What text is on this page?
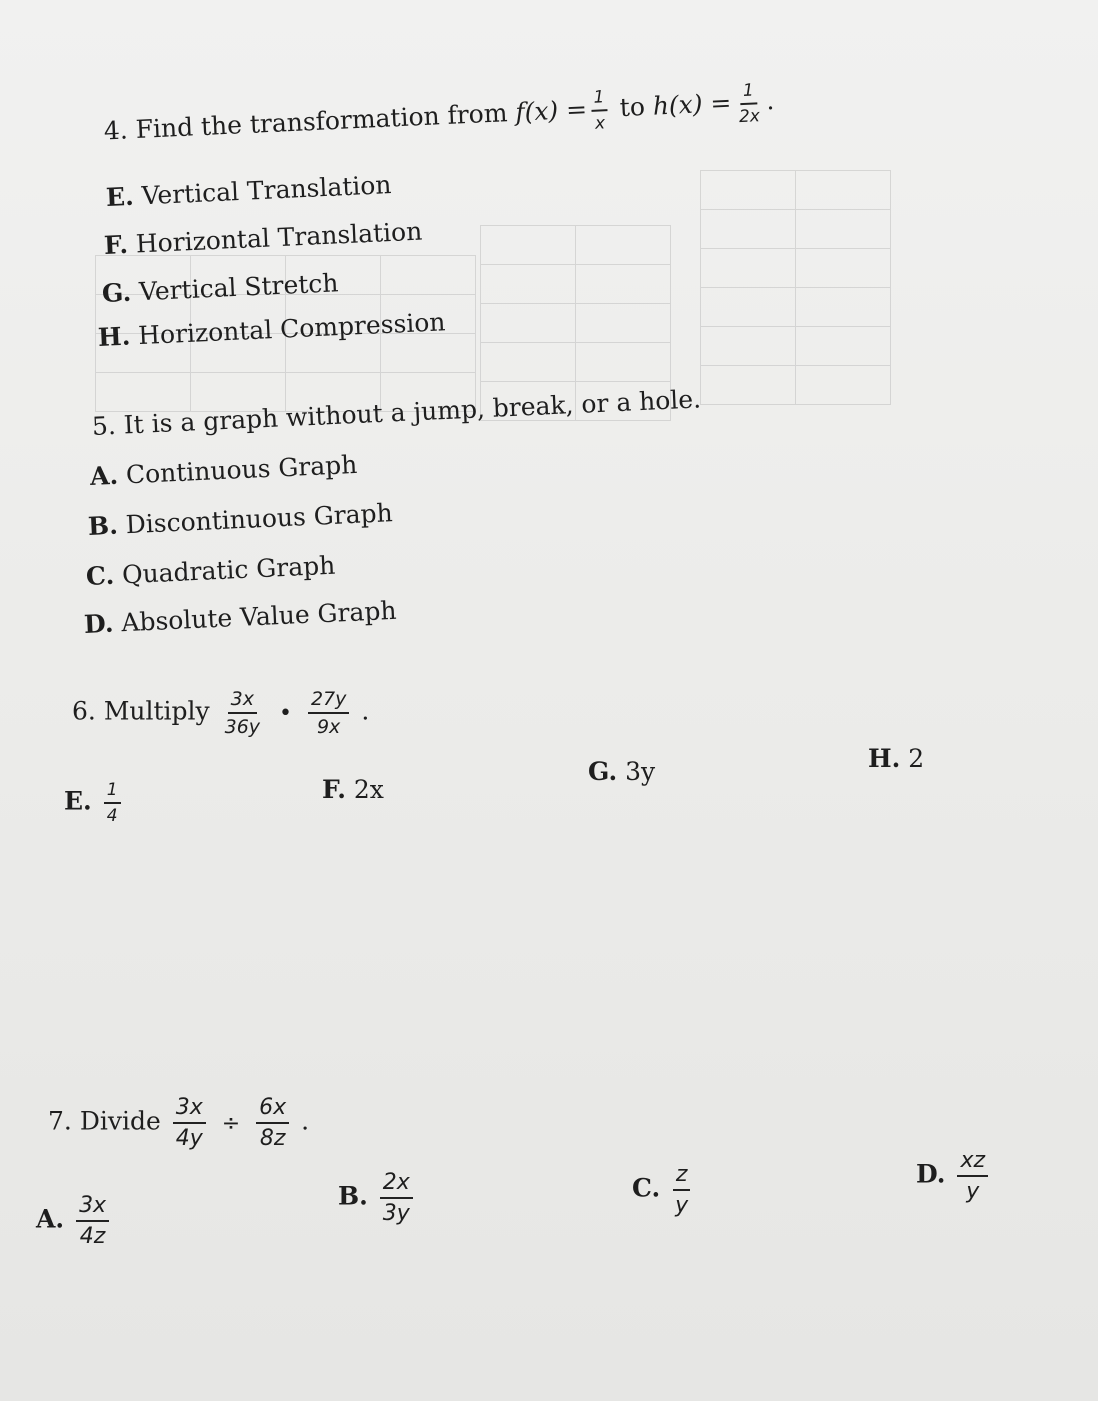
4. Find the transformation from $f(x) = \frac{1}{x}$ to $h(x) = \frac{1}{2x}$ .
E. Vertical Translation
F. Horizontal Translation
G. Vertical Stretch
H. Horizontal Compression
5. It is a graph without a jump, break, or a hole.
A. Continuous Graph
B. Discontinuous Graph
C. Quadratic Graph
D. Absolute Value Graph
6. Multiply $\frac{3x}{36y}$ • $\frac{27y}{9x}$ .
E. $\frac{1}{4}$	F. 2x
G. 3y	H. 2
7. Divide $\frac{3x}{4y} \div \frac{6x}{8z}$ .
A. $\frac{3x}{4z}$	B. $\frac{2x}{3y}$	C. $\frac{z}{y}$	D. $\frac{xz}{y}$
